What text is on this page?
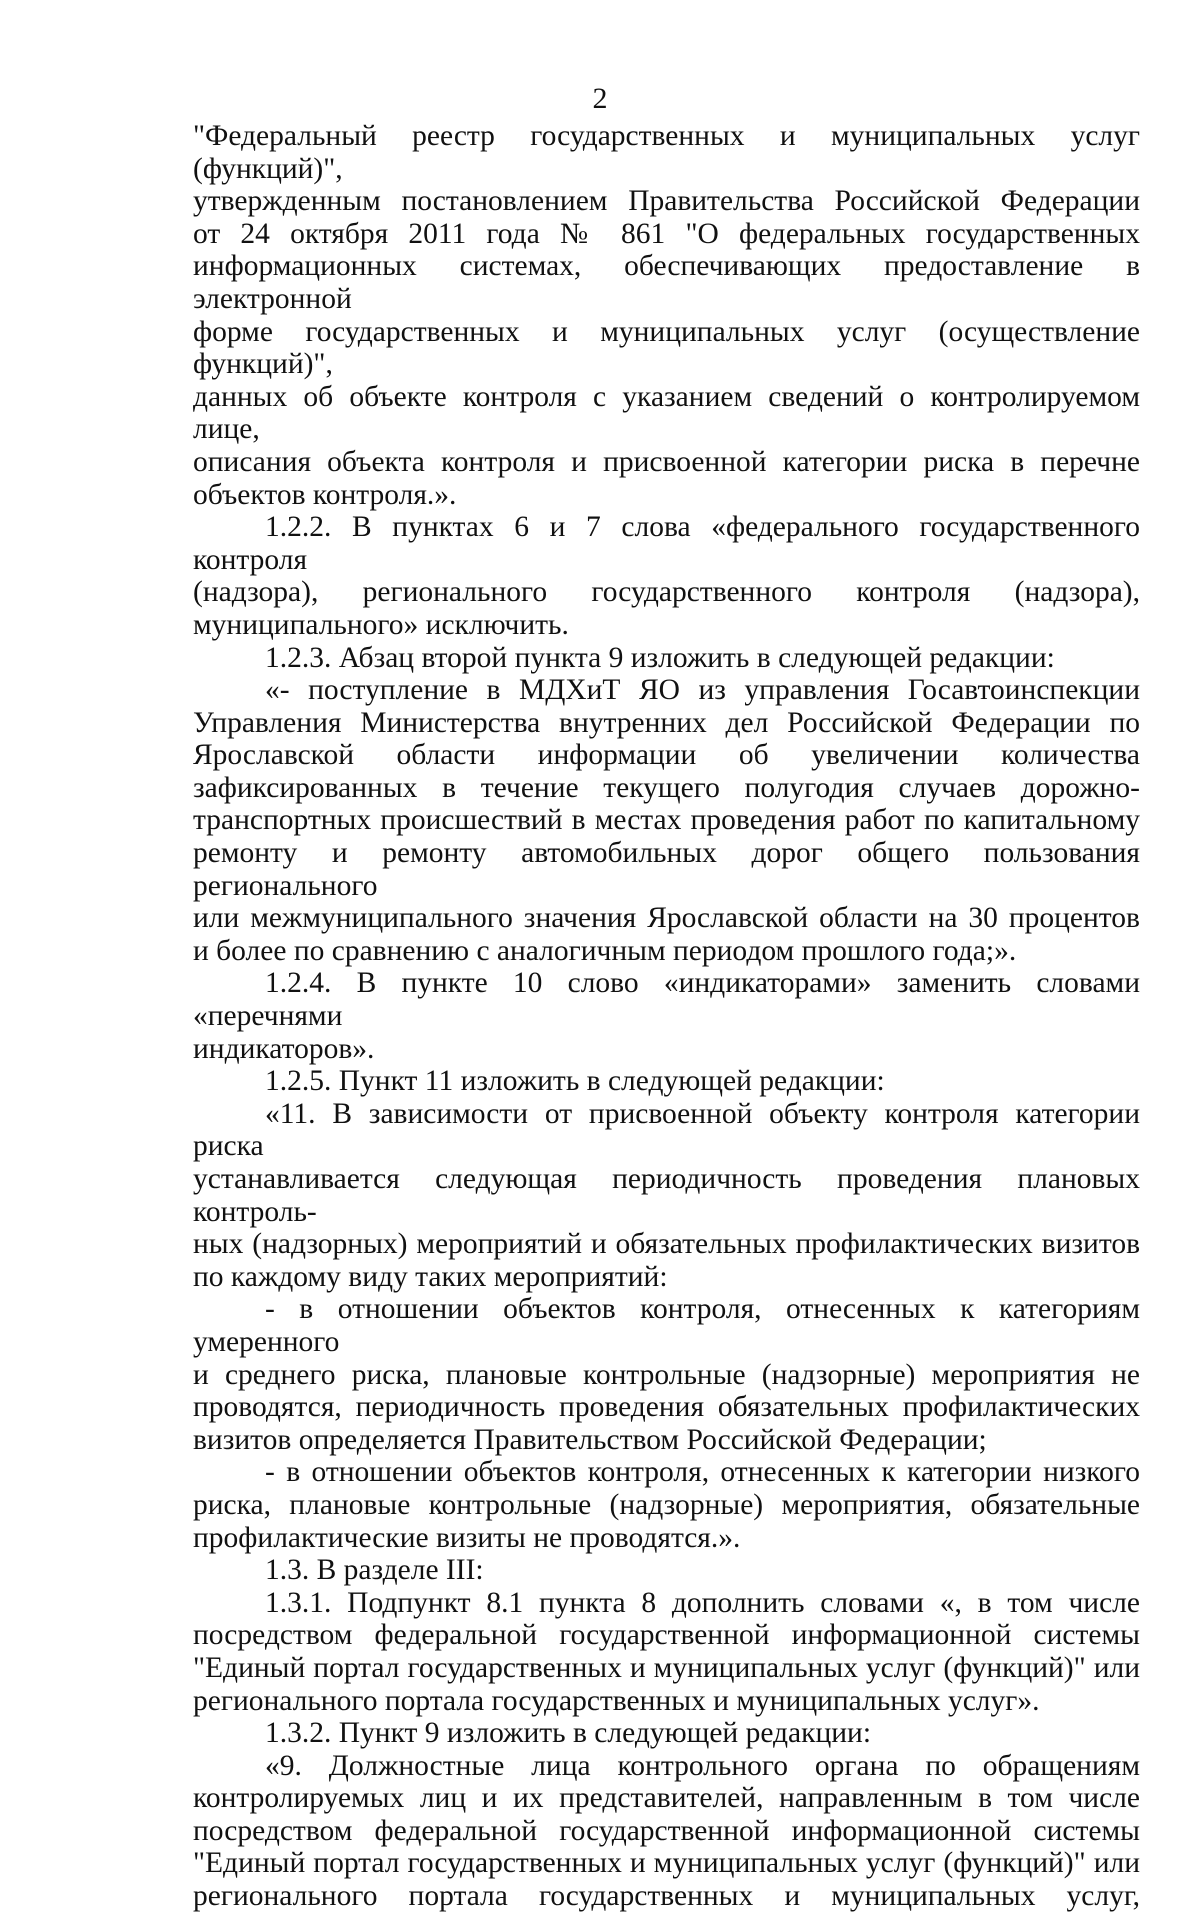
2

"Федеральный реестр государственных и муниципальных услуг (функций)",

утвержденным постановлением Правительства Российской Федерации

от 24 октября 2011 года № 861 "О федеральных государственных

информационных системах, обеспечивающих предоставление в электронной

форме государственных и муниципальных услуг (осуществление функций)",

данных об объекте контроля с указанием сведений о контролируемом лице,

описания объекта контроля и присвоенной категории риска в перечне

объектов контроля.».

1.2.2. В пунктах 6 и 7 слова «федерального государственного контроля

(надзора), регионального государственного контроля (надзора),

муниципального» исключить.

1.2.3. Абзац второй пункта 9 изложить в следующей редакции:

«- поступление в МДХиТ ЯО из управления Госавтоинспекции

Управления Министерства внутренних дел Российской Федерации по

Ярославской области информации об увеличении количества

зафиксированных в течение текущего полугодия случаев дорожно-

транспортных происшествий в местах проведения работ по капитальному

ремонту и ремонту автомобильных дорог общего пользования регионального

или межмуниципального значения Ярославской области на 30 процентов

и более по сравнению с аналогичным периодом прошлого года;».

1.2.4. В пункте 10 слово «индикаторами» заменить словами «перечнями

индикаторов».

1.2.5. Пункт 11 изложить в следующей редакции:

«11. В зависимости от присвоенной объекту контроля категории риска

устанавливается следующая периодичность проведения плановых контроль-

ных (надзорных) мероприятий и обязательных профилактических визитов

по каждому виду таких мероприятий:

- в отношении объектов контроля, отнесенных к категориям умеренного

и среднего риска, плановые контрольные (надзорные) мероприятия не

проводятся, периодичность проведения обязательных профилактических

визитов определяется Правительством Российской Федерации;

- в отношении объектов контроля, отнесенных к категории низкого

риска, плановые контрольные (надзорные) мероприятия, обязательные

профилактические визиты не проводятся.».

1.3. В разделе III:

1.3.1. Подпункт 8.1 пункта 8 дополнить словами «, в том числе

посредством федеральной государственной информационной системы

"Единый портал государственных и муниципальных услуг (функций)" или

регионального портала государственных и муниципальных услуг».

1.3.2. Пункт 9 изложить в следующей редакции:

«9. Должностные лица контрольного органа по обращениям

контролируемых лиц и их представителей, направленным в том числе

посредством федеральной государственной информационной системы

"Единый портал государственных и муниципальных услуг (функций)" или

регионального портала государственных и муниципальных услуг,
